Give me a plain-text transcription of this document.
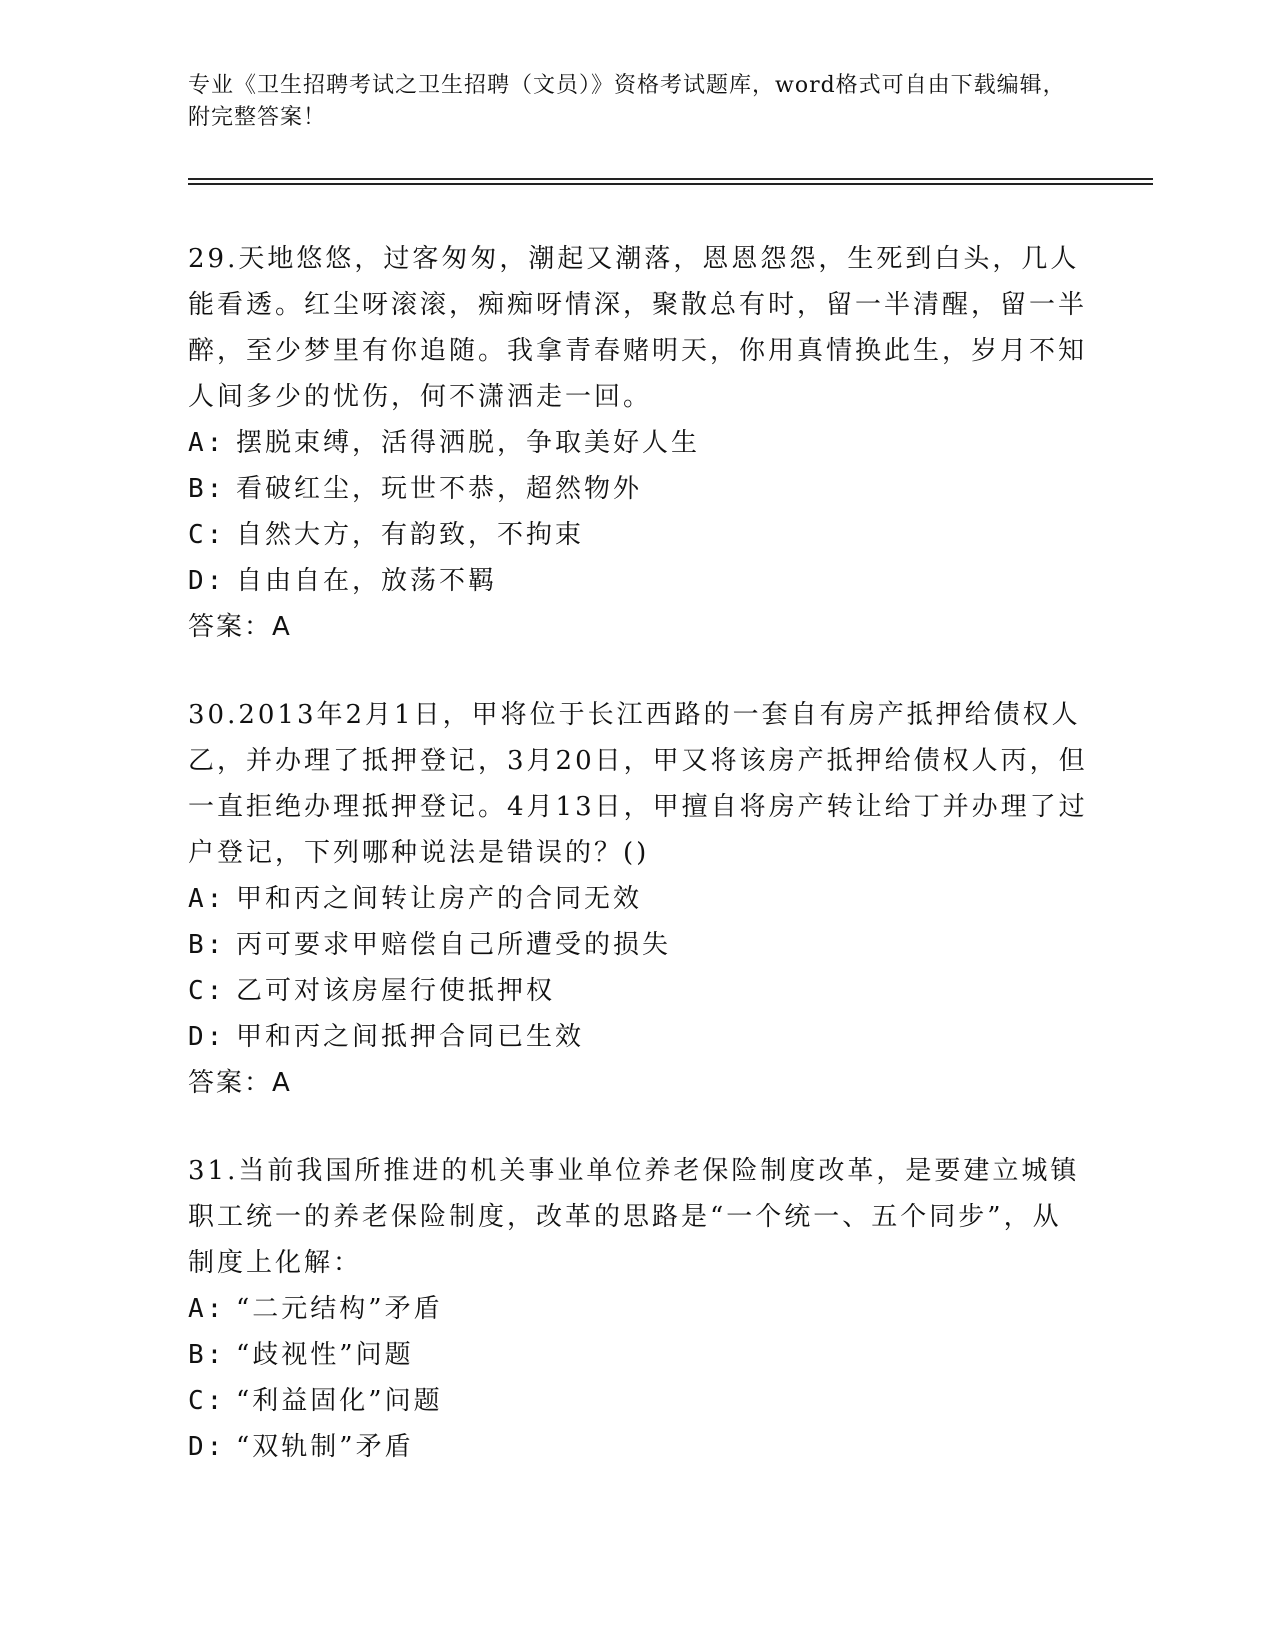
专业《卫生招聘考试之卫生招聘（文员）》资格考试题库，word格式可自由下载编辑，附完整答案！

29.天地悠悠，过客匆匆，潮起又潮落，恩恩怨怨，生死到白头，几人能看透。红尘呀滚滚，痴痴呀情深，聚散总有时，留一半清醒，留一半醉，至少梦里有你追随。我拿青春赌明天，你用真情换此生，岁月不知人间多少的忧伤，何不潇洒走一回。

A: 摆脱束缚，活得洒脱，争取美好人生

B: 看破红尘，玩世不恭，超然物外

C: 自然大方，有韵致，不拘束

D: 自由自在，放荡不羁

答案：A

30.2013年2月1日，甲将位于长江西路的一套自有房产抵押给债权人乙，并办理了抵押登记，3月20日，甲又将该房产抵押给债权人丙，但一直拒绝办理抵押登记。4月13日，甲擅自将房产转让给丁并办理了过户登记，下列哪种说法是错误的？()

A: 甲和丙之间转让房产的合同无效

B: 丙可要求甲赔偿自己所遭受的损失

C: 乙可对该房屋行使抵押权

D: 甲和丙之间抵押合同已生效

答案：A

31.当前我国所推进的机关事业单位养老保险制度改革，是要建立城镇职工统一的养老保险制度，改革的思路是“一个统一、五个同步”，从制度上化解：

A: “二元结构”矛盾

B: “歧视性”问题

C: “利益固化”问题

D: “双轨制”矛盾
